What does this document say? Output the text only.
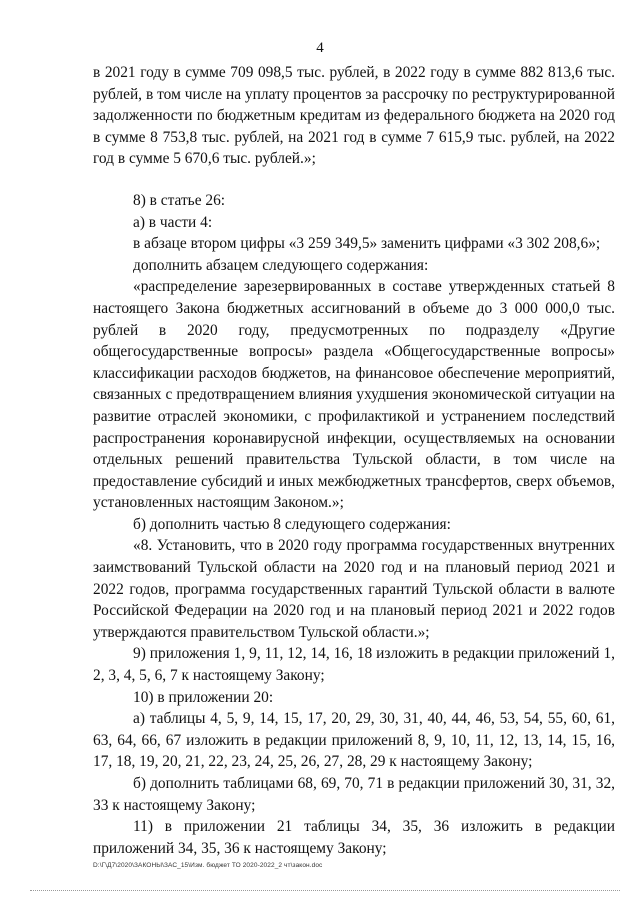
4

в 2021 году в сумме 709 098,5 тыс. рублей, в 2022 году в сумме 882 813,6 тыс. рублей, в том числе на уплату процентов за рассрочку по реструктурированной задолженности по бюджетным кредитам из федерального бюджета на 2020 год в сумме 8 753,8 тыс. рублей, на 2021 год в сумме 7 615,9 тыс. рублей, на 2022 год в сумме 5 670,6 тыс. рублей.»;

8) в статье 26:

а) в части 4:

в абзаце втором цифры «3 259 349,5» заменить цифрами «3 302 208,6»;

дополнить абзацем следующего содержания:

«распределение зарезервированных в составе утвержденных статьей 8 настоящего Закона бюджетных ассигнований в объеме до 3 000 000,0 тыс. рублей в 2020 году, предусмотренных по подразделу «Другие общегосударственные вопросы» раздела «Общегосударственные вопросы» классификации расходов бюджетов, на финансовое обеспечение мероприятий, связанных с предотвращением влияния ухудшения экономической ситуации на развитие отраслей экономики, с профилактикой и устранением последствий распространения коронавирусной инфекции, осуществляемых на основании отдельных решений правительства Тульской области, в том числе на предоставление субсидий и иных межбюджетных трансфертов, сверх объемов, установленных настоящим Законом.»;

б) дополнить частью 8 следующего содержания:

«8. Установить, что в 2020 году программа государственных внутренних заимствований Тульской области на 2020 год и на плановый период 2021 и 2022 годов, программа государственных гарантий Тульской области в валюте Российской Федерации на 2020 год и на плановый период 2021 и 2022 годов утверждаются правительством Тульской области.»;

9) приложения 1, 9, 11, 12, 14, 16, 18 изложить в редакции приложений 1, 2, 3, 4, 5, 6, 7 к настоящему Закону;

10) в приложении 20:

а) таблицы 4, 5, 9, 14, 15, 17, 20, 29, 30, 31, 40, 44, 46, 53, 54, 55, 60, 61, 63, 64, 66, 67 изложить в редакции приложений 8, 9, 10, 11, 12, 13, 14, 15, 16, 17, 18, 19, 20, 21, 22, 23, 24, 25, 26, 27, 28, 29 к настоящему Закону;

б) дополнить таблицами 68, 69, 70, 71 в редакции приложений 30, 31, 32, 33 к настоящему Закону;

11) в приложении 21 таблицы 34, 35, 36 изложить в редакции приложений 34, 35, 36 к настоящему Закону;

D:\Г\Д7\2020\ЗАКОНЫ\ЗАС_15\Изм. бюджет ТО 2020-2022_2 чт\закон.doc
